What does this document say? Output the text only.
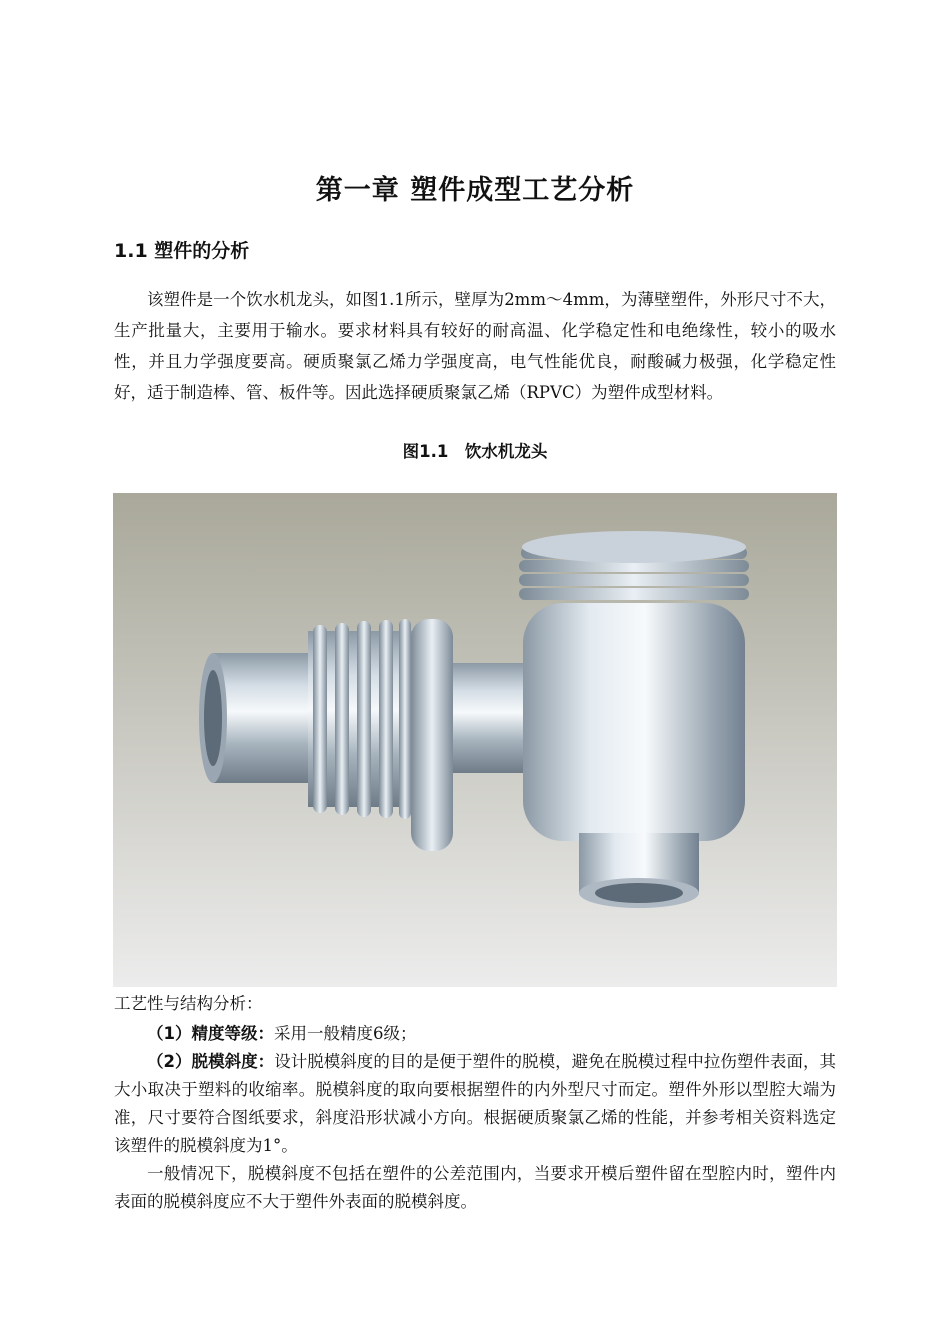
第一章 塑件成型工艺分析
1.1 塑件的分析
该塑件是一个饮水机龙头，如图1.1所示，壁厚为2mm～4mm，为薄壁塑件，外形尺寸不大，生产批量大，主要用于输水。要求材料具有较好的耐高温、化学稳定性和电绝缘性，较小的吸水性，并且力学强度要高。硬质聚氯乙烯力学强度高，电气性能优良，耐酸碱力极强，化学稳定性好，适于制造棒、管、板件等。因此选择硬质聚氯乙烯（RPVC）为塑件成型材料。
图1.1　饮水机龙头
工艺性与结构分析：
（1）精度等级：采用一般精度6级；
（2）脱模斜度：设计脱模斜度的目的是便于塑件的脱模，避免在脱模过程中拉伤塑件表面，其大小取决于塑料的收缩率。脱模斜度的取向要根据塑件的内外型尺寸而定。塑件外形以型腔大端为准，尺寸要符合图纸要求，斜度沿形状减小方向。根据硬质聚氯乙烯的性能，并参考相关资料选定该塑件的脱模斜度为1°。
一般情况下，脱模斜度不包括在塑件的公差范围内，当要求开模后塑件留在型腔内时，塑件内表面的脱模斜度应不大于塑件外表面的脱模斜度。
